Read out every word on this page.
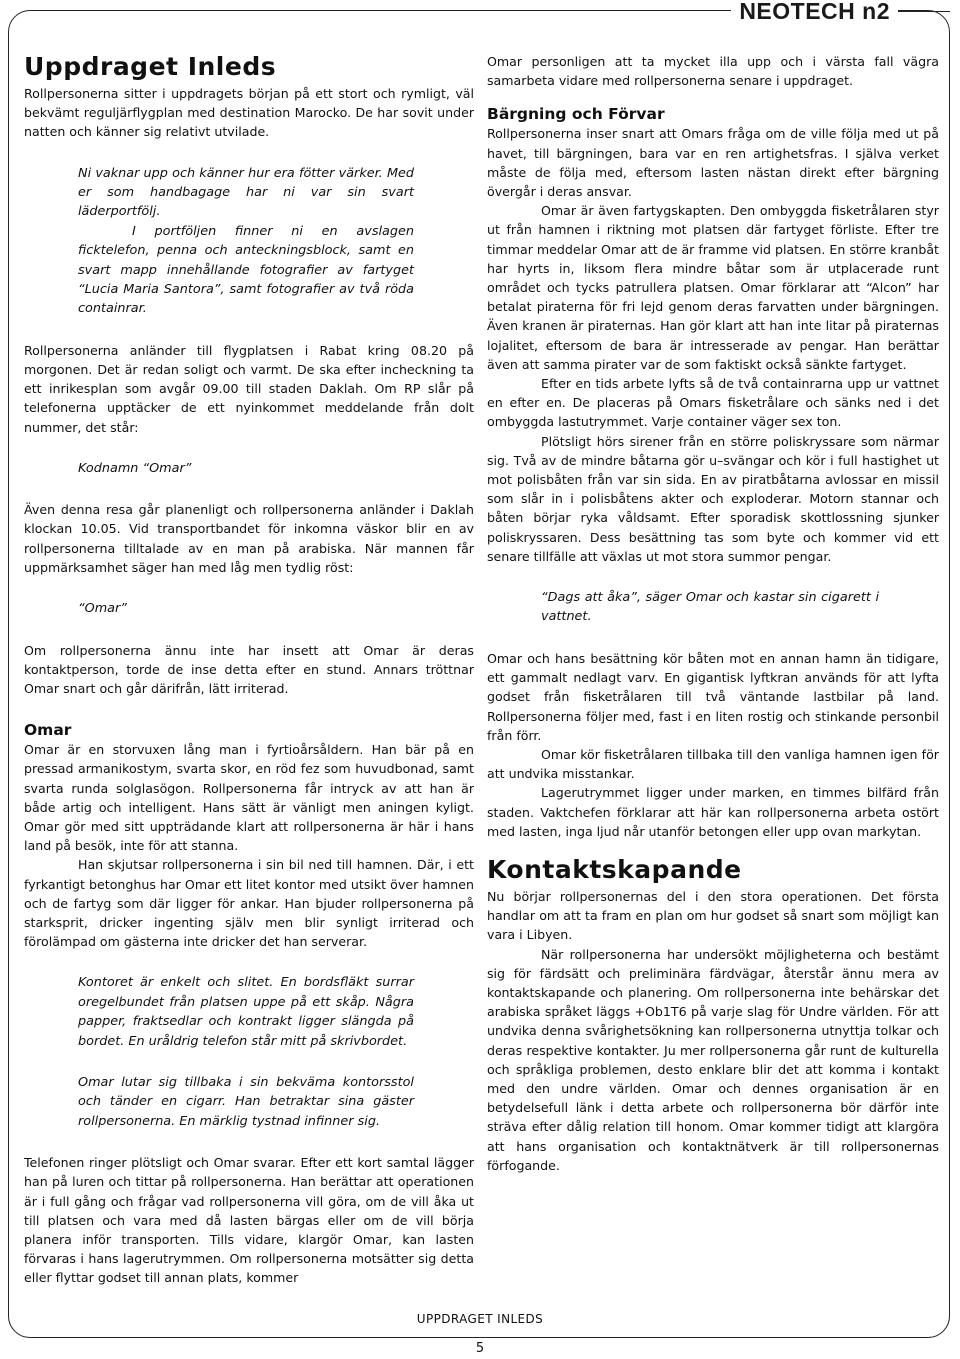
NEOTECH n2
Uppdraget Inleds

Rollpersonerna sitter i uppdragets början på ett stort och rymligt, väl bekvämt reguljärflygplan med destination Marocko. De har sovit under natten och känner sig relativt utvilade.

Ni vaknar upp och känner hur era fötter värker. Med er som handbagage har ni var sin svart läderportfölj.

I portföljen finner ni en avslagen ficktelefon, penna och anteckningsblock, samt en svart mapp innehållande fotografier av fartyget “Lucia Maria Santora”, samt fotografier av två röda containrar.

Rollpersonerna anländer till flygplatsen i Rabat kring 08.20 på morgonen. Det är redan soligt och varmt. De ska efter incheckning ta ett inrikesplan som avgår 09.00 till staden Daklah. Om RP slår på telefonerna upptäcker de ett nyinkommet meddelande från dolt nummer, det står:

Kodnamn “Omar”

Även denna resa går planenligt och rollpersonerna anländer i Daklah klockan 10.05. Vid transportbandet för inkomna väskor blir en av rollpersonerna tilltalade av en man på arabiska. När mannen får uppmärksamhet säger han med låg men tydlig röst:

“Omar”

Om rollpersonerna ännu inte har insett att Omar är deras kontaktperson, torde de inse detta efter en stund. Annars tröttnar Omar snart och går därifrån, lätt irriterad.

Omar

Omar är en storvuxen lång man i fyrtioårsåldern. Han bär på en pressad armanikostym, svarta skor, en röd fez som huvudbonad, samt svarta runda solglasögon. Rollpersonerna får intryck av att han är både artig och intelligent. Hans sätt är vänligt men aningen kyligt. Omar gör med sitt uppträdande klart att rollpersonerna är här i hans land på besök, inte för att stanna.

Han skjutsar rollpersonerna i sin bil ned till hamnen. Där, i ett fyrkantigt betonghus har Omar ett litet kontor med utsikt över hamnen och de fartyg som där ligger för ankar. Han bjuder rollpersonerna på starksprit, dricker ingenting själv men blir synligt irriterad och förolämpad om gästerna inte dricker det han serverar.

Kontoret är enkelt och slitet. En bordsfläkt surrar oregelbundet från platsen uppe på ett skåp. Några papper, fraktsedlar och kontrakt ligger slängda på bordet. En uråldrig telefon står mitt på skrivbordet.

Omar lutar sig tillbaka i sin bekväma kontorsstol och tänder en cigarr. Han betraktar sina gäster rollpersonerna. En märklig tystnad infinner sig.

Telefonen ringer plötsligt och Omar svarar. Efter ett kort samtal lägger han på luren och tittar på rollpersonerna. Han berättar att operationen är i full gång och frågar vad rollpersonerna vill göra, om de vill åka ut till platsen och vara med då lasten bärgas eller om de vill börja planera inför transporten. Tills vidare, klargör Omar, kan lasten förvaras i hans lagerutrymmen. Om rollpersonerna motsätter sig detta eller flyttar godset till annan plats, kommer

Omar personligen att ta mycket illa upp och i värsta fall vägra samarbeta vidare med rollpersonerna senare i uppdraget.

Bärgning och Förvar

Rollpersonerna inser snart att Omars fråga om de ville följa med ut på havet, till bärgningen, bara var en ren artighetsfras. I själva verket måste de följa med, eftersom lasten nästan direkt efter bärgning övergår i deras ansvar.

Omar är även fartygskapten. Den ombyggda fisketrålaren styr ut från hamnen i riktning mot platsen där fartyget förliste. Efter tre timmar meddelar Omar att de är framme vid platsen. En större kranbåt har hyrts in, liksom flera mindre båtar som är utplacerade runt området och tycks patrullera platsen. Omar förklarar att “Alcon” har betalat piraterna för fri lejd genom deras farvatten under bärgningen. Även kranen är piraternas. Han gör klart att han inte litar på piraternas lojalitet, eftersom de bara är intresserade av pengar. Han berättar även att samma pirater var de som faktiskt också sänkte fartyget.

Efter en tids arbete lyfts så de två containrarna upp ur vattnet en efter en. De placeras på Omars fisketrålare och sänks ned i det ombyggda lastutrymmet. Varje container väger sex ton.

Plötsligt hörs sirener från en större poliskryssare som närmar sig. Två av de mindre båtarna gör u–svängar och kör i full hastighet ut mot polisbåten från var sin sida. En av piratbåtarna avlossar en missil som slår in i polisbåtens akter och exploderar. Motorn stannar och båten börjar ryka våldsamt. Efter sporadisk skottlossning sjunker poliskryssaren. Dess besättning tas som byte och kommer vid ett senare tillfälle att växlas ut mot stora summor pengar.

“Dags att åka”, säger Omar och kastar sin cigarett i vattnet.

Omar och hans besättning kör båten mot en annan hamn än tidigare, ett gammalt nedlagt varv. En gigantisk lyftkran används för att lyfta godset från fisketrålaren till två väntande lastbilar på land. Rollpersonerna följer med, fast i en liten rostig och stinkande personbil från förr.

Omar kör fisketrålaren tillbaka till den vanliga hamnen igen för att undvika misstankar.

Lagerutrymmet ligger under marken, en timmes bilfärd från staden. Vaktchefen förklarar att här kan rollpersonerna arbeta ostört med lasten, inga ljud når utanför betongen eller upp ovan markytan.

Kontaktskapande

Nu börjar rollpersonernas del i den stora operationen. Det första handlar om att ta fram en plan om hur godset så snart som möjligt kan vara i Libyen.

När rollpersonerna har undersökt möjligheterna och bestämt sig för färdsätt och preliminära färdvägar, återstår ännu mera av kontaktskapande och planering. Om rollpersonerna inte behärskar det arabiska språket läggs +Ob1T6 på varje slag för Undre världen. För att undvika denna svårighetsökning kan rollpersonerna utnyttja tolkar och deras respektive kontakter. Ju mer rollpersonerna går runt de kulturella och språkliga problemen, desto enklare blir det att komma i kontakt med den undre världen. Omar och dennes organisation är en betydelsefull länk i detta arbete och rollpersonerna bör därför inte sträva efter dålig relation till honom. Omar kommer tidigt att klargöra att hans organisation och kontaktnätverk är till rollpersonernas förfogande.

UPPDRAGET INLEDS
5
